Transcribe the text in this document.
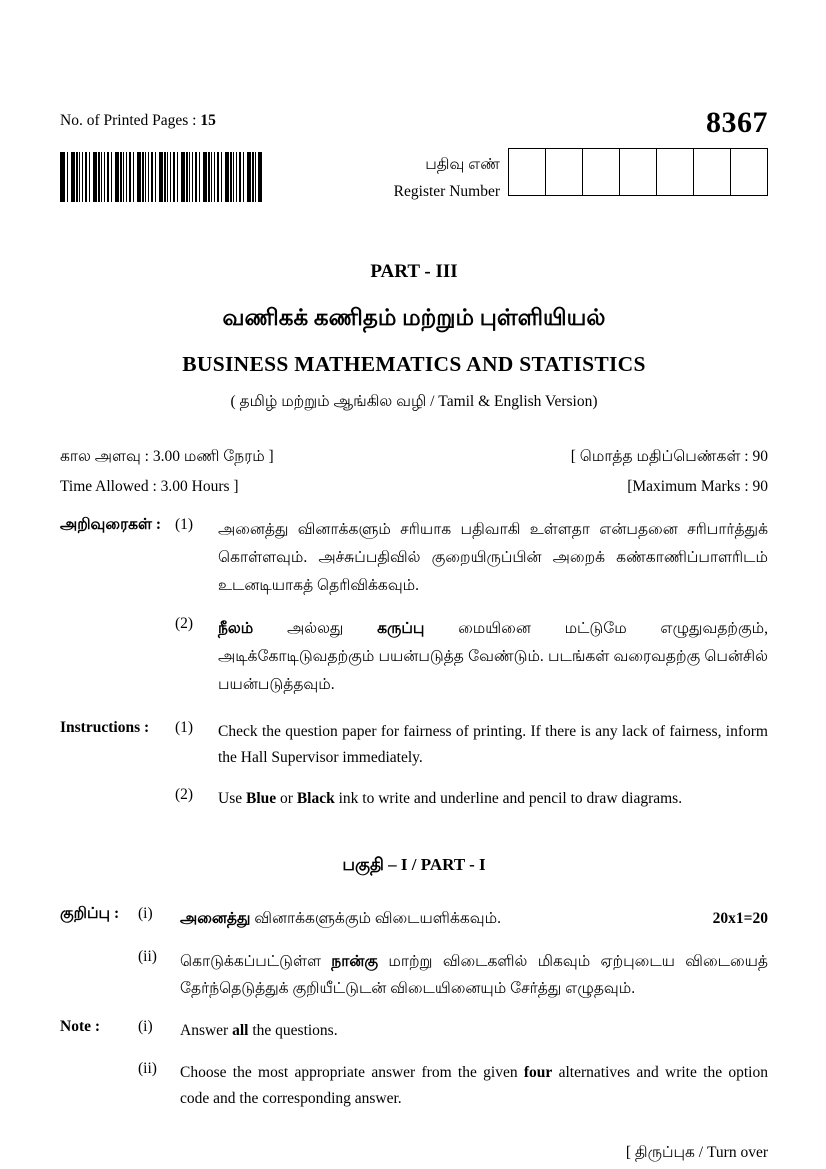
No. of Printed Pages : 15	8367
பதிவு எண்
Register Number
PART - III
வணிகக் கணிதம் மற்றும் புள்ளியியல்
BUSINESS MATHEMATICS AND STATISTICS
( தமிழ் மற்றும் ஆங்கில வழி / Tamil & English Version)
கால அளவு : 3.00 மணி நேரம் ]	[ மொத்த மதிப்பெண்கள் : 90
Time Allowed : 3.00 Hours ]	[Maximum Marks : 90
அறிவுரைகள் : (1)	அனைத்து வினாக்களும் சரியாக பதிவாகி உள்ளதா என்பதனை சரிபார்த்துக் கொள்ளவும். அச்சுப்பதிவில் குறையிருப்பின் அறைக் கண்காணிப்பாளரிடம் உடனடியாகத் தெரிவிக்கவும்.
(2)	நீலம் அல்லது கருப்பு மையினை மட்டுமே எழுதுவதற்கும், அடிக்கோடிடுவதற்கும் பயன்படுத்த வேண்டும். படங்கள் வரைவதற்கு பென்சில் பயன்படுத்தவும்.
Instructions :	(1)	Check the question paper for fairness of printing. If there is any lack of fairness, inform the Hall Supervisor immediately.
(2)	Use Blue or Black ink to write and underline and pencil to draw diagrams.
பகுதி – I / PART - I
குறிப்பு :	(i)	அனைத்து வினாக்களுக்கும் விடையளிக்கவும்.	20x1=20
(ii)	கொடுக்கப்பட்டுள்ள நான்கு மாற்று விடைகளில் மிகவும் ஏற்புடைய விடையைத் தேர்ந்தெடுத்துக் குறியீட்டுடன் விடையினையும் சேர்த்து எழுதவும்.
Note :	(i)	Answer all the questions.
(ii)	Choose the most appropriate answer from the given four alternatives and write the option code and the corresponding answer.
[ திருப்புக / Turn over
